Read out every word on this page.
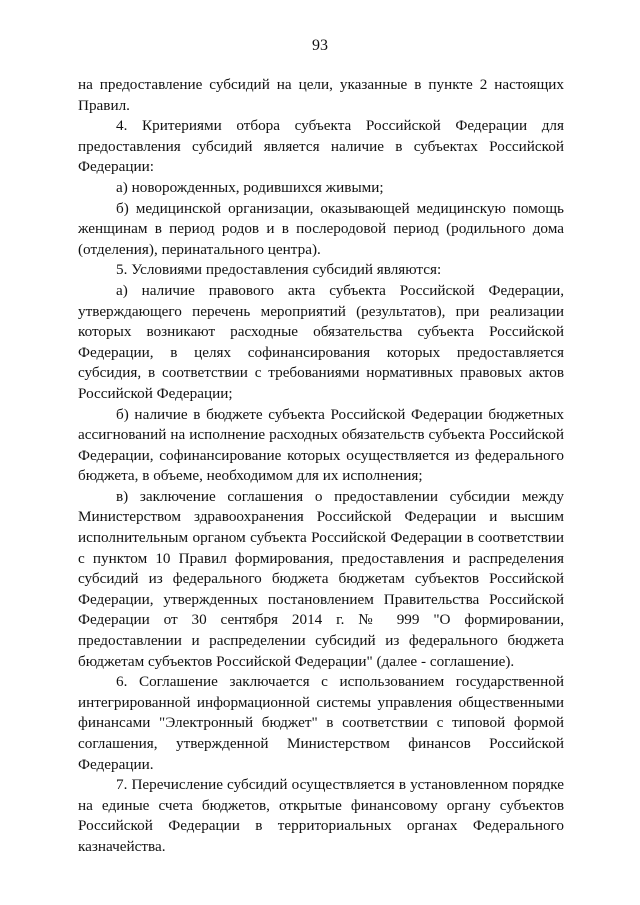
93

на предоставление субсидий на цели, указанные в пункте 2 настоящих Правил.

4. Критериями отбора субъекта Российской Федерации для предоставления субсидий является наличие в субъектах Российской Федерации:

а) новорожденных, родившихся живыми;

б) медицинской организации, оказывающей медицинскую помощь женщинам в период родов и в послеродовой период (родильного дома (отделения), перинатального центра).

5. Условиями предоставления субсидий являются:

а) наличие правового акта субъекта Российской Федерации, утверждающего перечень мероприятий (результатов), при реализации которых возникают расходные обязательства субъекта Российской Федерации, в целях софинансирования которых предоставляется субсидия, в соответствии с требованиями нормативных правовых актов Российской Федерации;

б) наличие в бюджете субъекта Российской Федерации бюджетных ассигнований на исполнение расходных обязательств субъекта Российской Федерации, софинансирование которых осуществляется из федерального бюджета, в объеме, необходимом для их исполнения;

в) заключение соглашения о предоставлении субсидии между Министерством здравоохранения Российской Федерации и высшим исполнительным органом субъекта Российской Федерации в соответствии с пунктом 10 Правил формирования, предоставления и распределения субсидий из федерального бюджета бюджетам субъектов Российской Федерации, утвержденных постановлением Правительства Российской Федерации от 30 сентября 2014 г. № 999 "О формировании, предоставлении и распределении субсидий из федерального бюджета бюджетам субъектов Российской Федерации" (далее - соглашение).

6. Соглашение заключается с использованием государственной интегрированной информационной системы управления общественными финансами "Электронный бюджет" в соответствии с типовой формой соглашения, утвержденной Министерством финансов Российской Федерации.

7. Перечисление субсидий осуществляется в установленном порядке на единые счета бюджетов, открытые финансовому органу субъектов Российской Федерации в территориальных органах Федерального казначейства.
